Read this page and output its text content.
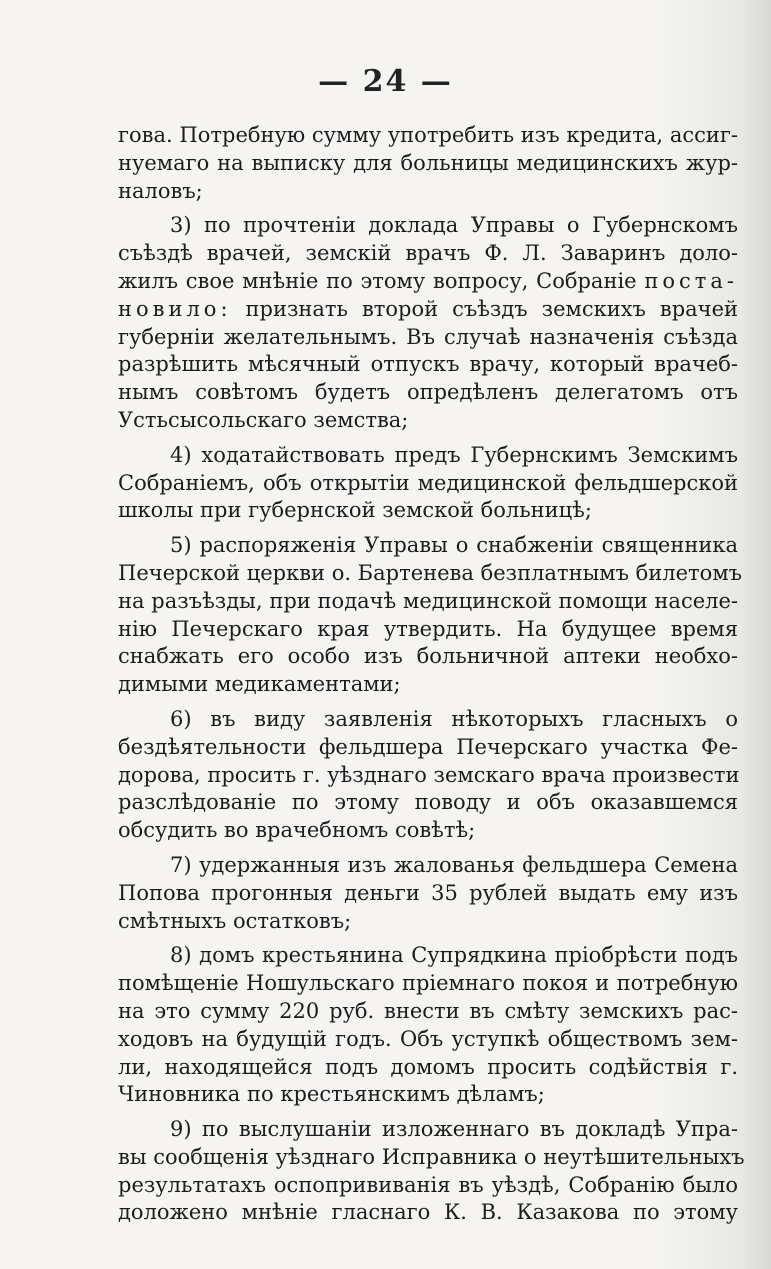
— 24 —
гова. Потребную сумму употребить изъ кредита, ассиг-
нуемаго на выписку для больницы медицинскихъ жур-
наловъ;
3) по прочтенiи доклада Управы о Губернскомъ
съѣздѣ врачей, земскiй врачъ Ф. Л. Заваринъ доло-
жилъ свое мнѣнiе по этому вопросу, Собранiе поста-
новило: признать второй съѣздъ земскихъ врачей
губернiи желательнымъ. Въ случаѣ назначенiя съѣзда
разрѣшить мѣсячный отпускъ врачу, который врачеб-
нымъ совѣтомъ будетъ опредѣленъ делегатомъ отъ
Устьсысольскаго земства;
4) ходатайствовать предъ Губернскимъ Земскимъ
Собранiемъ, объ открытiи медицинской фельдшерской
школы при губернской земской больницѣ;
5) распоряженiя Управы о снабженiи священника
Печерской церкви о. Бартенева безплатнымъ билетомъ
на разъѣзды, при подачѣ медицинской помощи населе-
нiю Печерскаго края утвердить. На будущее время
снабжать его особо изъ больничной аптеки необхо-
димыми медикаментами;
6) въ виду заявленiя нѣкоторыхъ гласныхъ о
бездѣятельности фельдшера Печерскаго участка Фе-
дорова, просить г. уѣзднаго земскаго врача произвести
разслѣдованiе по этому поводу и объ оказавшемся
обсудить во врачебномъ совѣтѣ;
7) удержанныя изъ жалованья фельдшера Семена
Попова прогонныя деньги 35 рублей выдать ему изъ
смѣтныхъ остатковъ;
8) домъ крестьянина Супрядкина прiобрѣсти подъ
помѣщенiе Ношульскаго прiемнаго покоя и потребную
на это сумму 220 руб. внести въ смѣту земскихъ рас-
ходовъ на будущiй годъ. Объ уступкѣ обществомъ зем-
ли, находящейся подъ домомъ просить содѣйствiя г.
Чиновника по крестьянскимъ дѣламъ;
9) по выслушанiи изложеннаго въ докладѣ Упра-
вы сообщенiя уѣзднаго Исправника о неутѣшительныхъ
результатахъ оспопрививанiя въ уѣздѣ, Собранiю было
доложено мнѣнiе гласнаго К. В. Казакова по этому
